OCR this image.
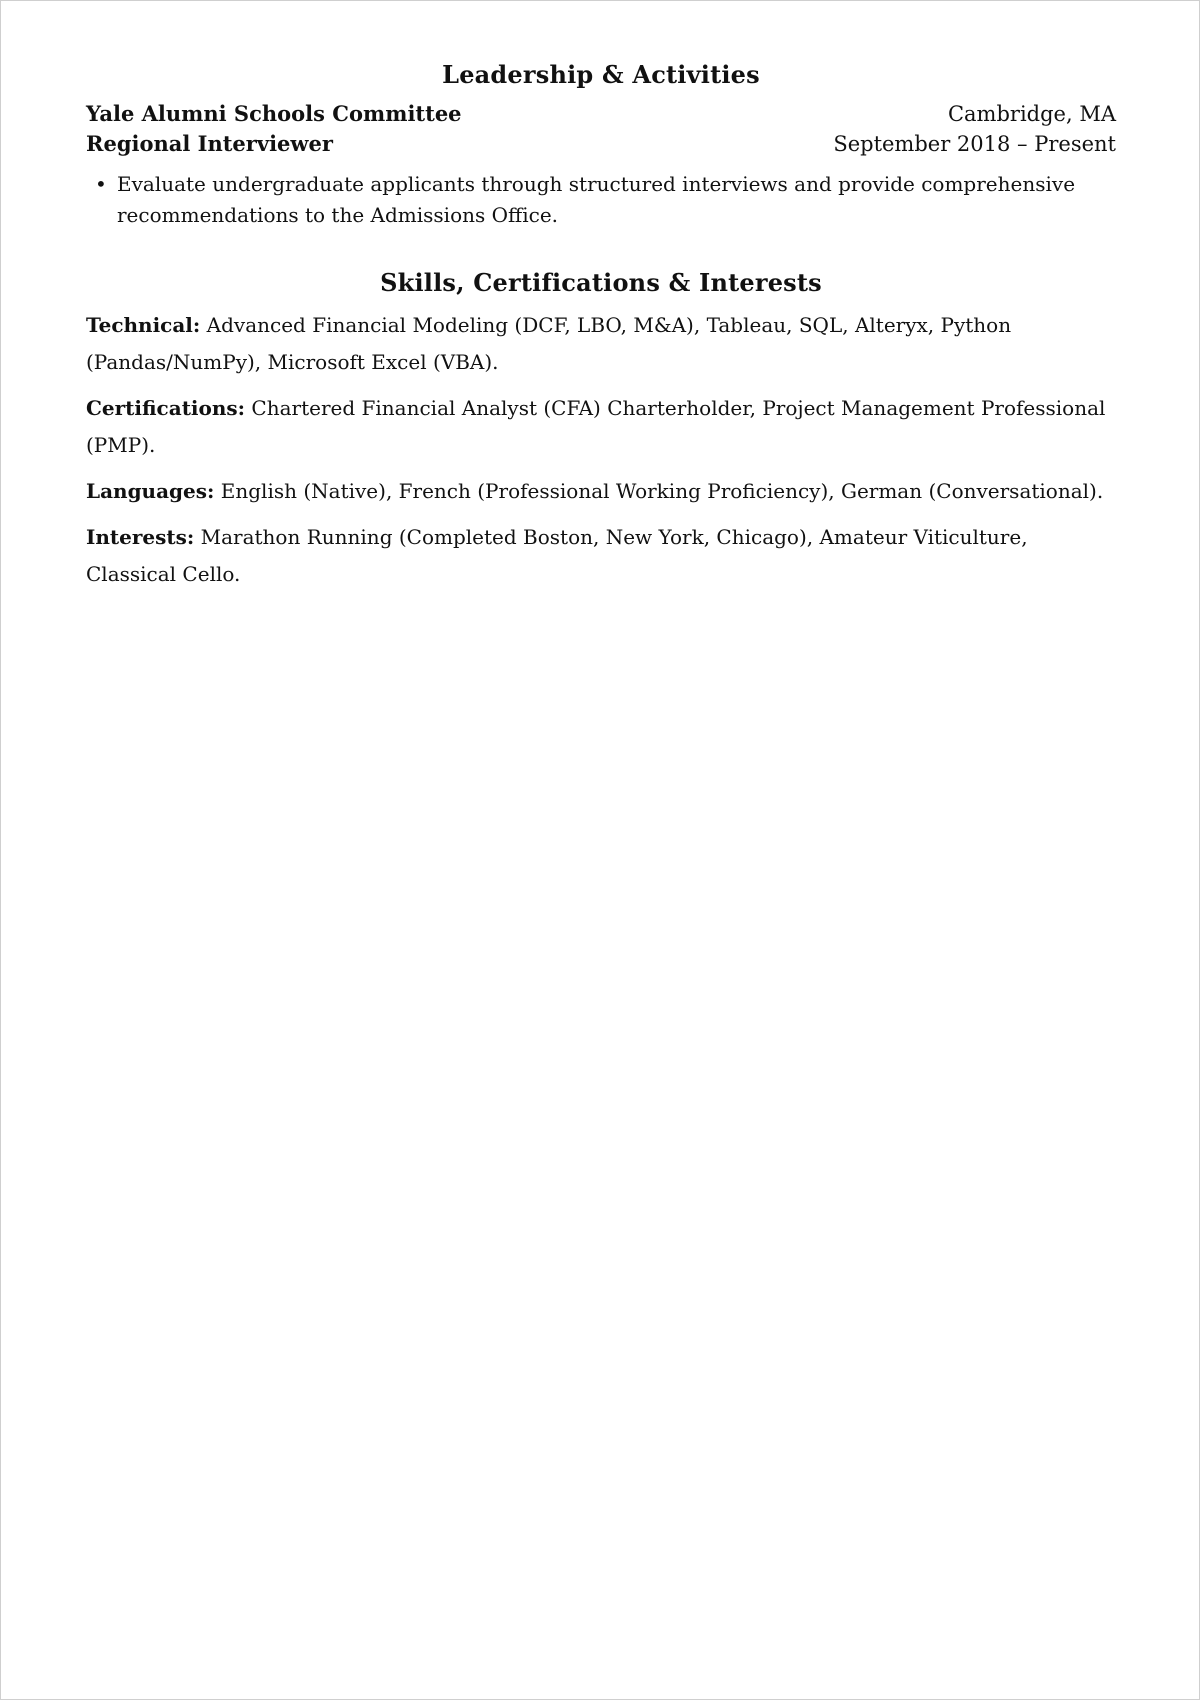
Leadership & Activities
Yale Alumni Schools Committee	Cambridge, MA
Regional Interviewer	September 2018 – Present
• Evaluate undergraduate applicants through structured interviews and provide comprehensive recommendations to the Admissions Office.
Skills, Certifications & Interests

Technical: Advanced Financial Modeling (DCF, LBO, M&A), Tableau, SQL, Alteryx, Python (Pandas/NumPy), Microsoft Excel (VBA).

Certifications: Chartered Financial Analyst (CFA) Charterholder, Project Management Professional (PMP).

Languages: English (Native), French (Professional Working Proficiency), German (Conversational).

Interests: Marathon Running (Completed Boston, New York, Chicago), Amateur Viticulture, Classical Cello.
